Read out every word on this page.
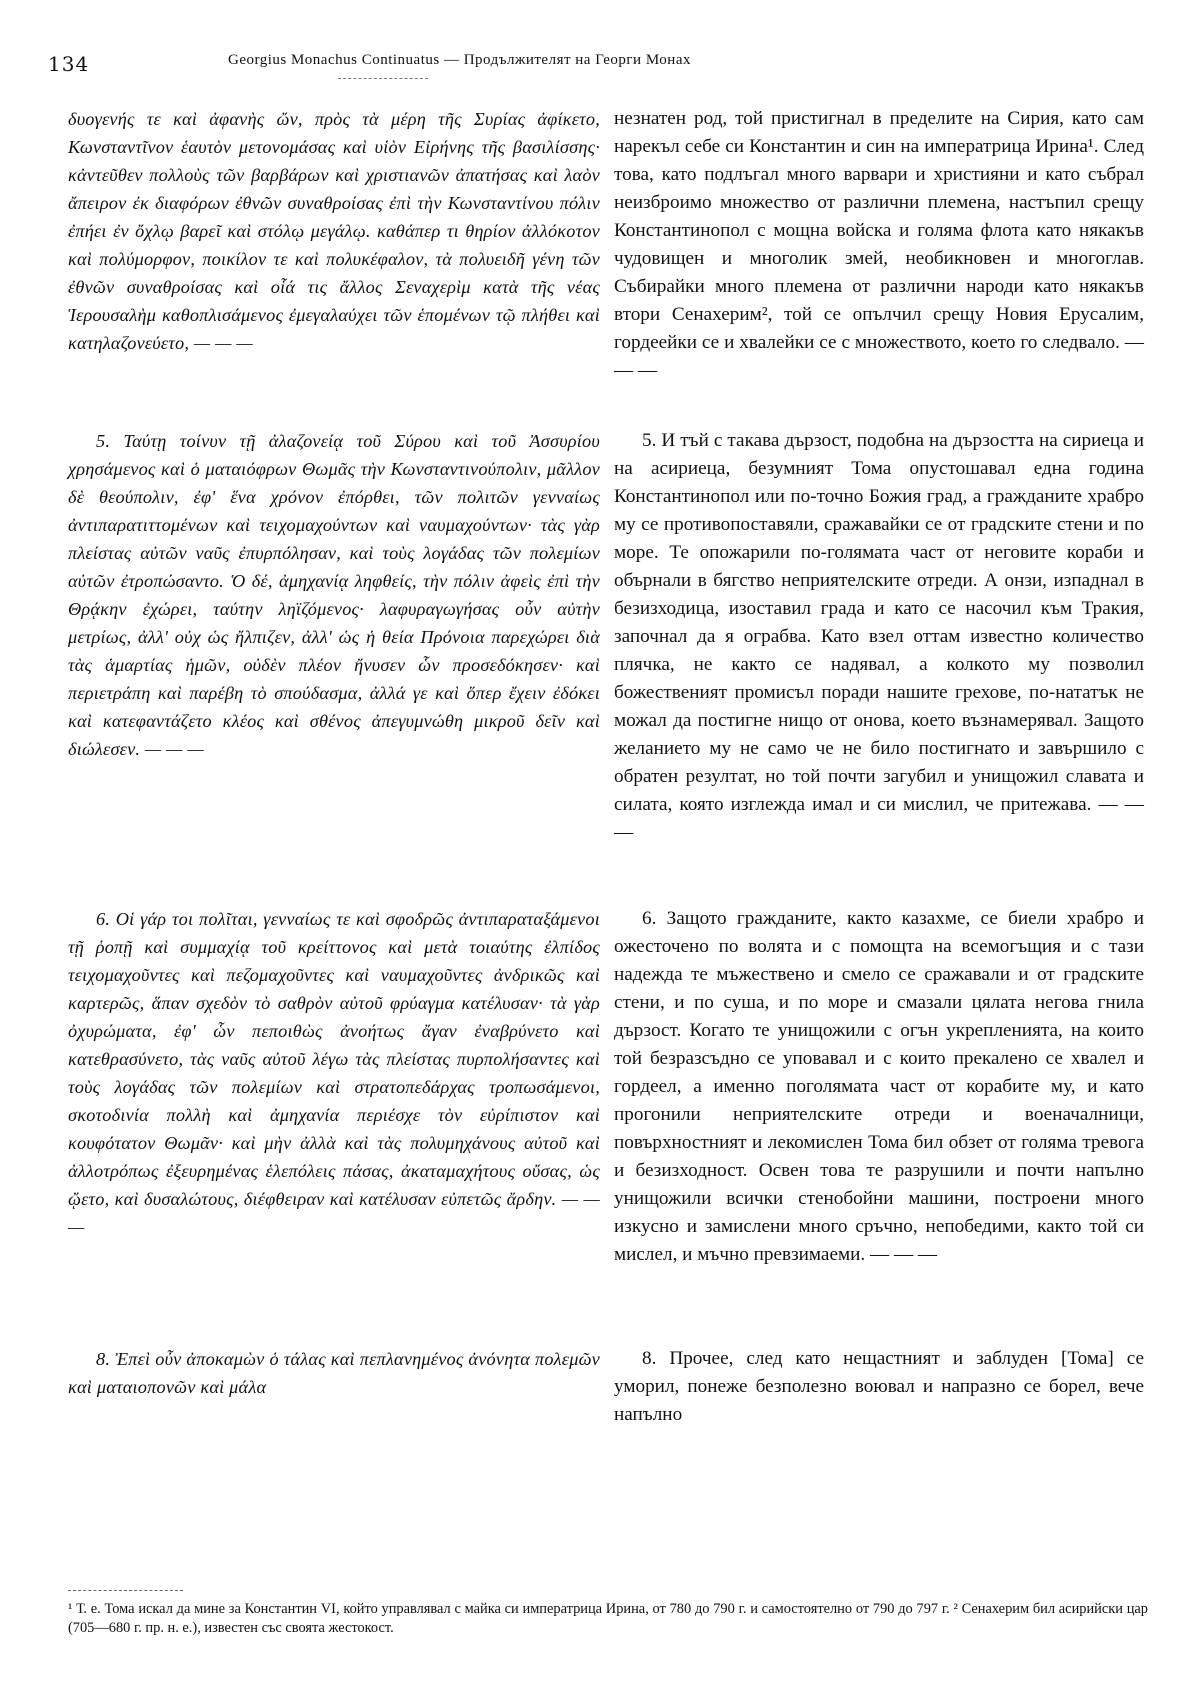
134	Georgius Monachus Continuatus — Продължителят на Георги Монах

δυογενής τε καὶ ἀφανὴς ὤν, πρὸς τὰ μέρη τῆς Συρίας ἀφίκετο, Κωνσταντῖνον ἑαυτὸν μετονομάσας καὶ υἱὸν Εἰρήνης τῆς βασιλίσσης· κἀντεῦθεν πολλοὺς τῶν βαρβάρων καὶ χριστιανῶν ἀπατήσας καὶ λαὸν ἄπειρον ἐκ διαφόρων ἐθνῶν συναθροίσας ἐπὶ τὴν Κωνσταντίνου πόλιν ἐπήει ἐν ὄχλῳ βαρεῖ καὶ στόλῳ μεγάλῳ. καθάπερ τι θηρίον ἀλλόκοτον καὶ πολύμορφον, ποικίλον τε καὶ πολυκέφαλον, τὰ πολυειδῆ γένη τῶν ἐθνῶν συναθροίσας καὶ οἷά τις ἄλλος Σεναχερὶμ κατὰ τῆς νέας Ἱερουσαλὴμ καθοπλισάμενος ἐμεγαλαύχει τῶν ἑπομένων τῷ πλήθει καὶ κατηλαζονεύετο, — — —

5. Ταύτῃ τοίνυν τῇ ἀλαζονείᾳ τοῦ Σύρου καὶ τοῦ Ἀσσυρίου χρησάμενος καὶ ὁ ματαιόφρων Θωμᾶς τὴν Κωνσταντινούπολιν, μᾶλλον δὲ θεούπολιν, ἐφ' ἕνα χρόνον ἐπόρθει, τῶν πολιτῶν γενναίως ἀντιπαρατιττομένων καὶ τειχομαχούντων καὶ ναυμαχούντων· τὰς γὰρ πλείστας αὐτῶν ναῦς ἐπυρπόλησαν, καὶ τοὺς λογάδας τῶν πολεμίων αὐτῶν ἐτροπώσαντο. Ὁ δέ, ἀμηχανίᾳ ληφθείς, τὴν πόλιν ἀφεὶς ἐπὶ τὴν Θρᾴκην ἐχώρει, ταύτην ληϊζόμενος· λαφυραγωγήσας οὖν αὐτὴν μετρίως, ἀλλ' οὐχ ὡς ἤλπιζεν, ἀλλ' ὡς ἡ θεία Πρόνοια παρεχώρει διὰ τὰς ἁμαρτίας ἡμῶν, οὐδὲν πλέον ἤνυσεν ὧν προσεδόκησεν· καὶ περιετράπη καὶ παρέβη τὸ σπούδασμα, ἀλλά γε καὶ ὅπερ ἔχειν ἐδόκει καὶ κατεφαντάζετο κλέος καὶ σθένος ἀπεγυμνώθη μικροῦ δεῖν καὶ διώλεσεν. — — —

6. Οἱ γάρ τοι πολῖται, γενναίως τε καὶ σφοδρῶς ἀντιπαραταξάμενοι τῇ ῥοπῇ καὶ συμμαχίᾳ τοῦ κρείττονος καὶ μετὰ τοιαύτης ἐλπίδος τειχομαχοῦντες καὶ πεζομαχοῦντες καὶ ναυμαχοῦντες ἀνδρικῶς καὶ καρτερῶς, ἅπαν σχεδὸν τὸ σαθρὸν αὐτοῦ φρύαγμα κατέλυσαν· τὰ γὰρ ὀχυρώματα, ἐφ' ὧν πεποιθὼς ἀνοήτως ἄγαν ἐναβρύνετο καὶ κατεθρασύνετο, τὰς ναῦς αὐτοῦ λέγω τὰς πλείστας πυρπολήσαντες καὶ τοὺς λογάδας τῶν πολεμίων καὶ στρατοπεδάρχας τροπωσάμενοι, σκοτοδινία πολλὴ καὶ ἀμηχανία περιέσχε τὸν εὐρίπιστον καὶ κουφότατον Θωμᾶν· καὶ μὴν ἀλλὰ καὶ τὰς πολυμηχάνους αὐτοῦ καὶ ἀλλοτρόπως ἐξευρημένας ἑλεπόλεις πάσας, ἀκαταμαχήτους οὔσας, ὡς ᾤετο, καὶ δυσαλώτους, διέφθειραν καὶ κατέλυσαν εὐπετῶς ἄρδην. — — —

8. Ἐπεὶ οὖν ἀποκαμὼν ὁ τάλας καὶ πεπλανημένος ἀνόνητα πολεμῶν καὶ ματαιοπονῶν καὶ μάλα

незнатен род, той пристигнал в пределите на Сирия, като сам нарекъл себе си Константин и син на императрица Ирина¹. След това, като подлъгал много варвари и християни и като събрал неизброимо множество от различни племена, настъпил срещу Константинопол с мощна войска и голяма флота като някакъв чудовищен и многолик змей, необикновен и многоглав. Събирайки много племена от различни народи като някакъв втори Сенахерим², той се опълчил срещу Новия Ерусалим, гордеейки се и хвалейки се с множеството, което го следвало. — — —

5. И тъй с такава дързост, подобна на дързостта на сириеца и на асириеца, безумният Тома опустошавал една година Константинопол или по-точно Божия град, а гражданите храбро му се противопоставяли, сражавайки се от градските стени и по море. Те опожарили по-голямата част от неговите кораби и обърнали в бягство неприятелските отреди. А онзи, изпаднал в безизходица, изоставил града и като се насочил към Тракия, започнал да я ограбва. Като взел оттам известно количество плячка, не както се надявал, а колкото му позволил божественият промисъл поради нашите грехове, по-нататък не можал да постигне нищо от онова, което възнамерявал. Защото желанието му не само че не било постигнато и завършило с обратен резултат, но той почти загубил и унищожил славата и силата, която изглежда имал и си мислил, че притежава. — — —

6. Защото гражданите, както казахме, се биели храбро и ожесточено по волята и с помощта на всемогъщия и с тази надежда те мъжествено и смело се сражавали и от градските стени, и по суша, и по море и смазали цялата негова гнила дързост. Когато те унищожили с огън укрепленията, на които той безразсъдно се уповавал и с които прекалено се хвалел и гордеел, а именно поголямата част от корабите му, и като прогонили неприятелските отреди и военачалници, повърхностният и лекомислен Тома бил обзет от голяма тревога и безизходност. Освен това те разрушили и почти напълно унищожили всички стенобойни машини, построени много изкусно и замислени много сръчно, непобедими, както той си мислел, и мъчно превзимаеми. — — —

8. Прочее, след като нещастният и заблуден [Тома] се уморил, понеже безполезно воювал и напразно се борел, вече напълно

¹ Т. е. Тома искал да мине за Константин VI, който управлявал с майка си императрица Ирина, от 780 до 790 г. и самостоятелно от 790 до 797 г. ² Сенахерим бил асирийски цар (705—680 г. пр. н. е.), известен със своята жестокост.
